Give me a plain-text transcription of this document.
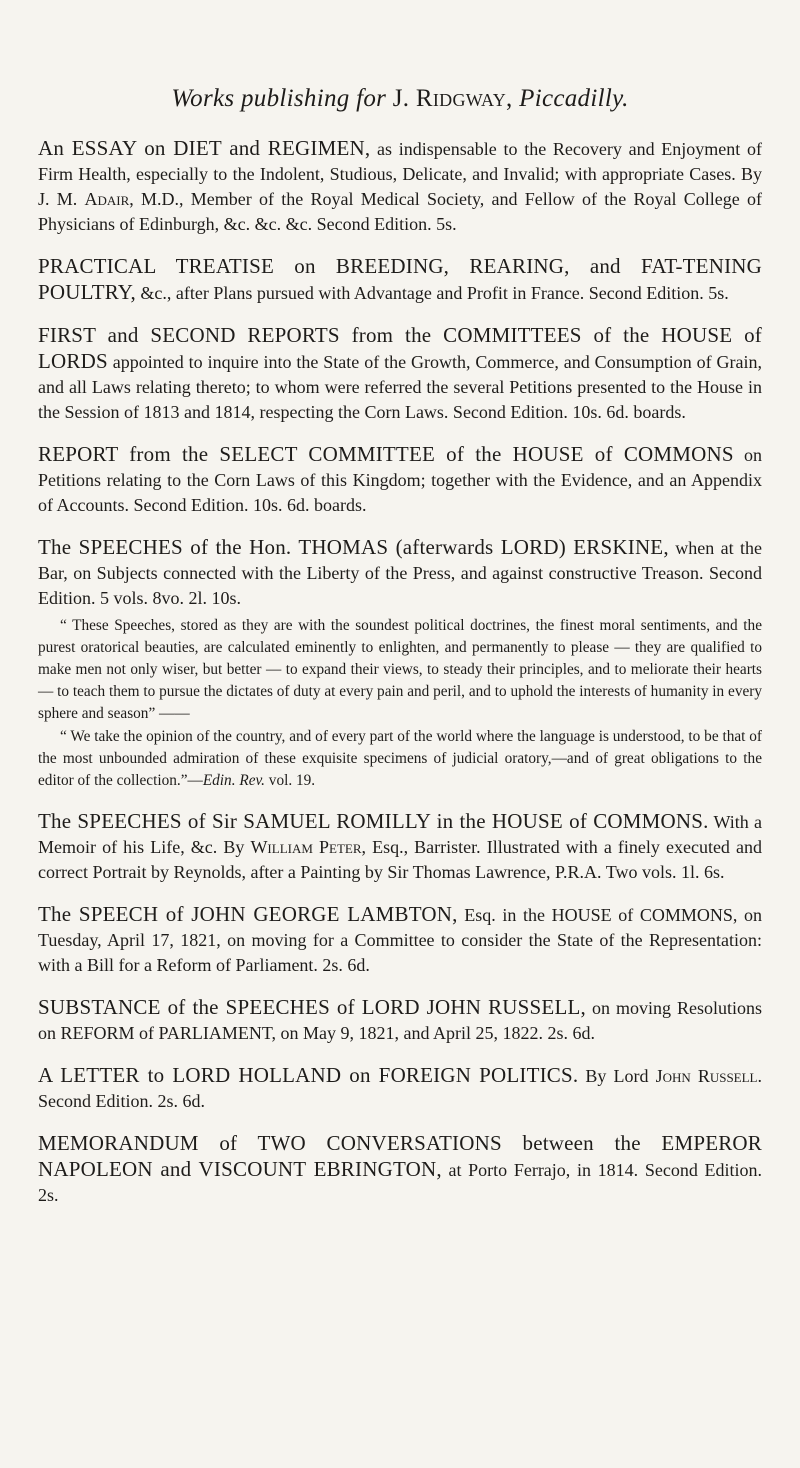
Works publishing for J. Ridgway, Piccadilly.

An ESSAY on DIET and REGIMEN, as indispensable to the Recovery and Enjoyment of Firm Health, especially to the Indolent, Studious, Delicate, and Invalid; with appropriate Cases. By J. M. Adair, M.D., Member of the Royal Medical Society, and Fellow of the Royal College of Physicians of Edinburgh, &c. &c. &c. Second Edition. 5s.

PRACTICAL TREATISE on BREEDING, REARING, and FAT-TENING POULTRY, &c., after Plans pursued with Advantage and Profit in France. Second Edition. 5s.

FIRST and SECOND REPORTS from the COMMITTEES of the HOUSE of LORDS appointed to inquire into the State of the Growth, Commerce, and Consumption of Grain, and all Laws relating thereto; to whom were referred the several Petitions presented to the House in the Session of 1813 and 1814, respecting the Corn Laws. Second Edition. 10s. 6d. boards.

REPORT from the SELECT COMMITTEE of the HOUSE of COMMONS on Petitions relating to the Corn Laws of this Kingdom; together with the Evidence, and an Appendix of Accounts. Second Edition. 10s. 6d. boards.

The SPEECHES of the Hon. THOMAS (afterwards LORD) ERSKINE, when at the Bar, on Subjects connected with the Liberty of the Press, and against constructive Treason. Second Edition. 5 vols. 8vo. 2l. 10s.

“ These Speeches, stored as they are with the soundest political doctrines, the finest moral sentiments, and the purest oratorical beauties, are calculated eminently to enlighten, and permanently to please — they are qualified to make men not only wiser, but better — to expand their views, to steady their principles, and to meliorate their hearts — to teach them to pursue the dictates of duty at every pain and peril, and to uphold the interests of humanity in every sphere and season” ——

“ We take the opinion of the country, and of every part of the world where the language is understood, to be that of the most unbounded admiration of these exquisite specimens of judicial oratory,—and of great obligations to the editor of the collection.”—Edin. Rev. vol. 19.

The SPEECHES of Sir SAMUEL ROMILLY in the HOUSE of COMMONS. With a Memoir of his Life, &c. By William Peter, Esq., Barrister. Illustrated with a finely executed and correct Portrait by Reynolds, after a Painting by Sir Thomas Lawrence, P.R.A. Two vols. 1l. 6s.

The SPEECH of JOHN GEORGE LAMBTON, Esq. in the HOUSE of COMMONS, on Tuesday, April 17, 1821, on moving for a Committee to consider the State of the Representation: with a Bill for a Reform of Parliament. 2s. 6d.

SUBSTANCE of the SPEECHES of LORD JOHN RUSSELL, on moving Resolutions on REFORM of PARLIAMENT, on May 9, 1821, and April 25, 1822. 2s. 6d.

A LETTER to LORD HOLLAND on FOREIGN POLITICS. By Lord John Russell. Second Edition. 2s. 6d.

MEMORANDUM of TWO CONVERSATIONS between the EMPEROR NAPOLEON and VISCOUNT EBRINGTON, at Porto Ferrajo, in 1814. Second Edition. 2s.
